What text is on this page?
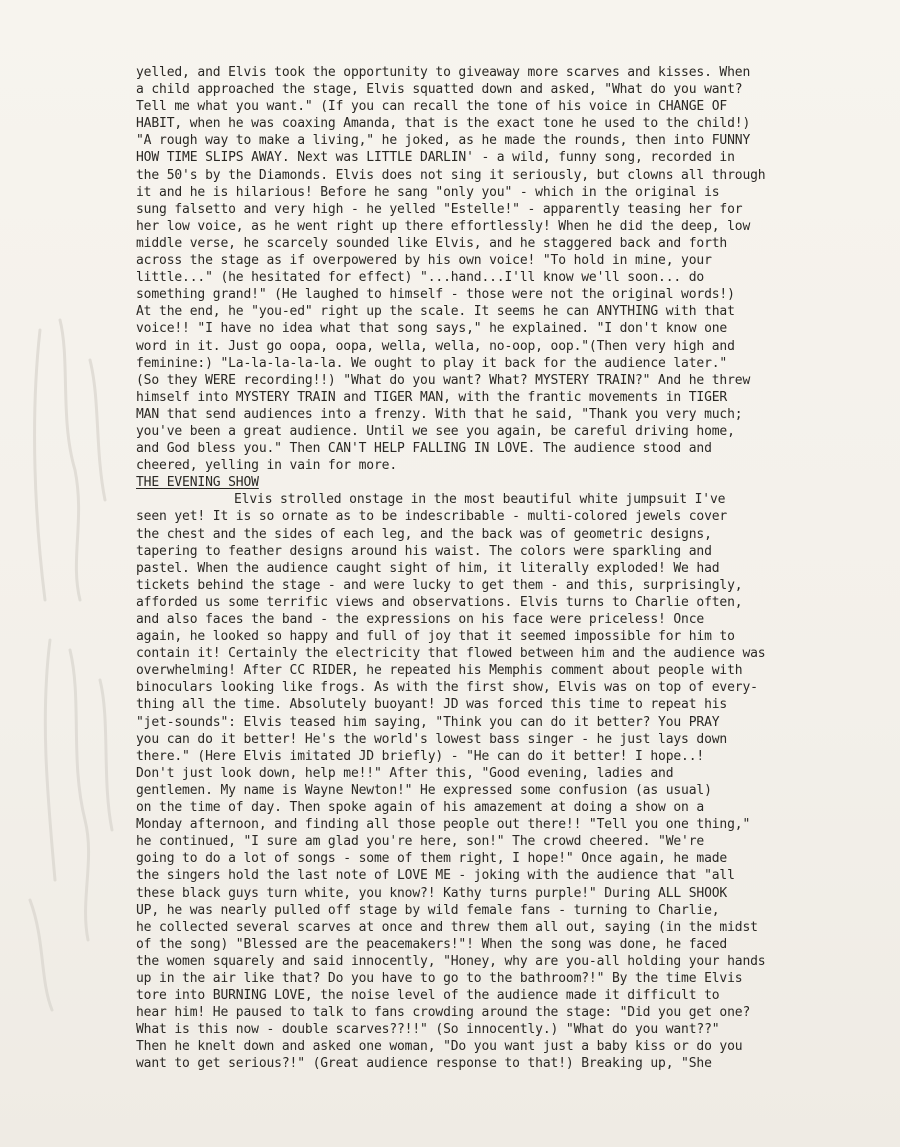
yelled, and Elvis took the opportunity to giveaway more scarves and kisses. When
a child approached the stage, Elvis squatted down and asked, "What do you want?
Tell me what you want." (If you can recall the tone of his voice in CHANGE OF
HABIT, when he was coaxing Amanda, that is the exact tone he used to the child!)
"A rough way to make a living," he joked, as he made the rounds, then into FUNNY
HOW TIME SLIPS AWAY. Next was LITTLE DARLIN' - a wild, funny song, recorded in
the 50's by the Diamonds. Elvis does not sing it seriously, but clowns all through
it and he is hilarious! Before he sang "only you" - which in the original is
sung falsetto and very high - he yelled "Estelle!" - apparently teasing her for
her low voice, as he went right up there effortlessly! When he did the deep, low
middle verse, he scarcely sounded like Elvis, and he staggered back and forth
across the stage as if overpowered by his own voice! "To hold in mine, your
little..." (he hesitated for effect) "...hand...I'll know we'll soon... do
something grand!" (He laughed to himself - those were not the original words!)
At the end, he "you-ed" right up the scale. It seems he can ANYTHING with that
voice!! "I have no idea what that song says," he explained. "I don't know one
word in it. Just go oopa, oopa, wella, wella, no-oop, oop."(Then very high and
feminine:) "La-la-la-la-la. We ought to play it back for the audience later."
(So they WERE recording!!) "What do you want? What? MYSTERY TRAIN?" And he threw
himself into MYSTERY TRAIN and TIGER MAN, with the frantic movements in TIGER
MAN that send audiences into a frenzy. With that he said, "Thank you very much;
you've been a great audience. Until we see you again, be careful driving home,
and God bless you." Then CAN'T HELP FALLING IN LOVE. The audience stood and
cheered, yelling in vain for more.
THE EVENING SHOW
Elvis strolled onstage in the most beautiful white jumpsuit I've
seen yet! It is so ornate as to be indescribable - multi-colored jewels cover
the chest and the sides of each leg, and the back was of geometric designs,
tapering to feather designs around his waist. The colors were sparkling and
pastel. When the audience caught sight of him, it literally exploded! We had
tickets behind the stage - and were lucky to get them - and this, surprisingly,
afforded us some terrific views and observations. Elvis turns to Charlie often,
and also faces the band - the expressions on his face were priceless! Once
again, he looked so happy and full of joy that it seemed impossible for him to
contain it! Certainly the electricity that flowed between him and the audience was
overwhelming! After CC RIDER, he repeated his Memphis comment about people with
binoculars looking like frogs. As with the first show, Elvis was on top of every-
thing all the time. Absolutely buoyant! JD was forced this time to repeat his
"jet-sounds": Elvis teased him saying, "Think you can do it better? You PRAY
you can do it better! He's the world's lowest bass singer - he just lays down
there." (Here Elvis imitated JD briefly) - "He can do it better! I hope..!
Don't just look down, help me!!" After this, "Good evening, ladies and
gentlemen. My name is Wayne Newton!" He expressed some confusion (as usual)
on the time of day. Then spoke again of his amazement at doing a show on a
Monday afternoon, and finding all those people out there!! "Tell you one thing,"
he continued, "I sure am glad you're here, son!" The crowd cheered. "We're
going to do a lot of songs - some of them right, I hope!" Once again, he made
the singers hold the last note of LOVE ME - joking with the audience that "all
these black guys turn white, you know?! Kathy turns purple!" During ALL SHOOK
UP, he was nearly pulled off stage by wild female fans - turning to Charlie,
he collected several scarves at once and threw them all out, saying (in the midst
of the song) "Blessed are the peacemakers!"! When the song was done, he faced
the women squarely and said innocently, "Honey, why are you-all holding your hands
up in the air like that? Do you have to go to the bathroom?!" By the time Elvis
tore into BURNING LOVE, the noise level of the audience made it difficult to
hear him! He paused to talk to fans crowding around the stage: "Did you get one?
What is this now - double scarves??!!" (So innocently.) "What do you want??"
Then he knelt down and asked one woman, "Do you want just a baby kiss or do you
want to get serious?!" (Great audience response to that!) Breaking up, "She
